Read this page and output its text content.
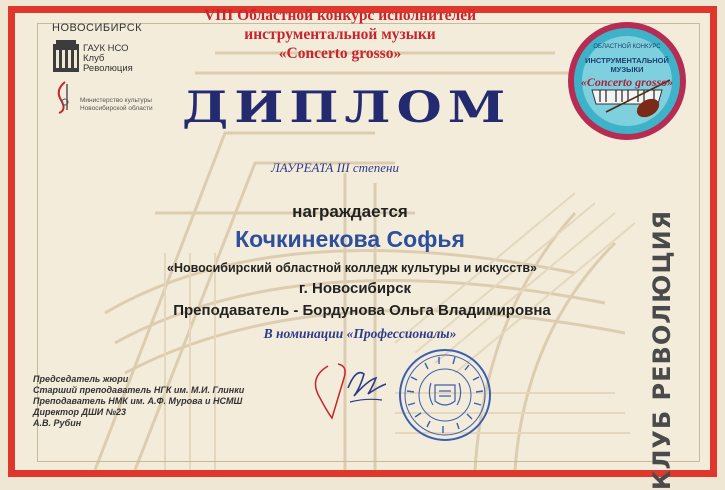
НОВОСИБИРСК
ГАУК НСО
Клуб
Революция
Министерство культуры
Новосибирской области
VIII Областной конкурс исполнителей
инструментальной музыки
«Concerto grosso»
ДИПЛОМ
ЛАУРЕАТА III степени
награждается
Кочкинекова Софья
«Новосибирский областной колледж культуры и искусств»
г. Новосибирск
Преподаватель - Бордунова Ольга Владимировна
В номинации «Профессионалы»
Председатель жюри
Старший преподаватель НГК им. М.И. Глинки
Преподаватель НМК им. А.Ф. Мурова и НСМШ
Директор ДШИ №23
А.В. Рубин
ОБЛАСТНОЙ КОНКУРС
ИНСТРУМЕНТАЛЬНОЙ
МУЗЫКИ
«Concerto grosso»
КЛУБ РЕВОЛЮЦИЯ
